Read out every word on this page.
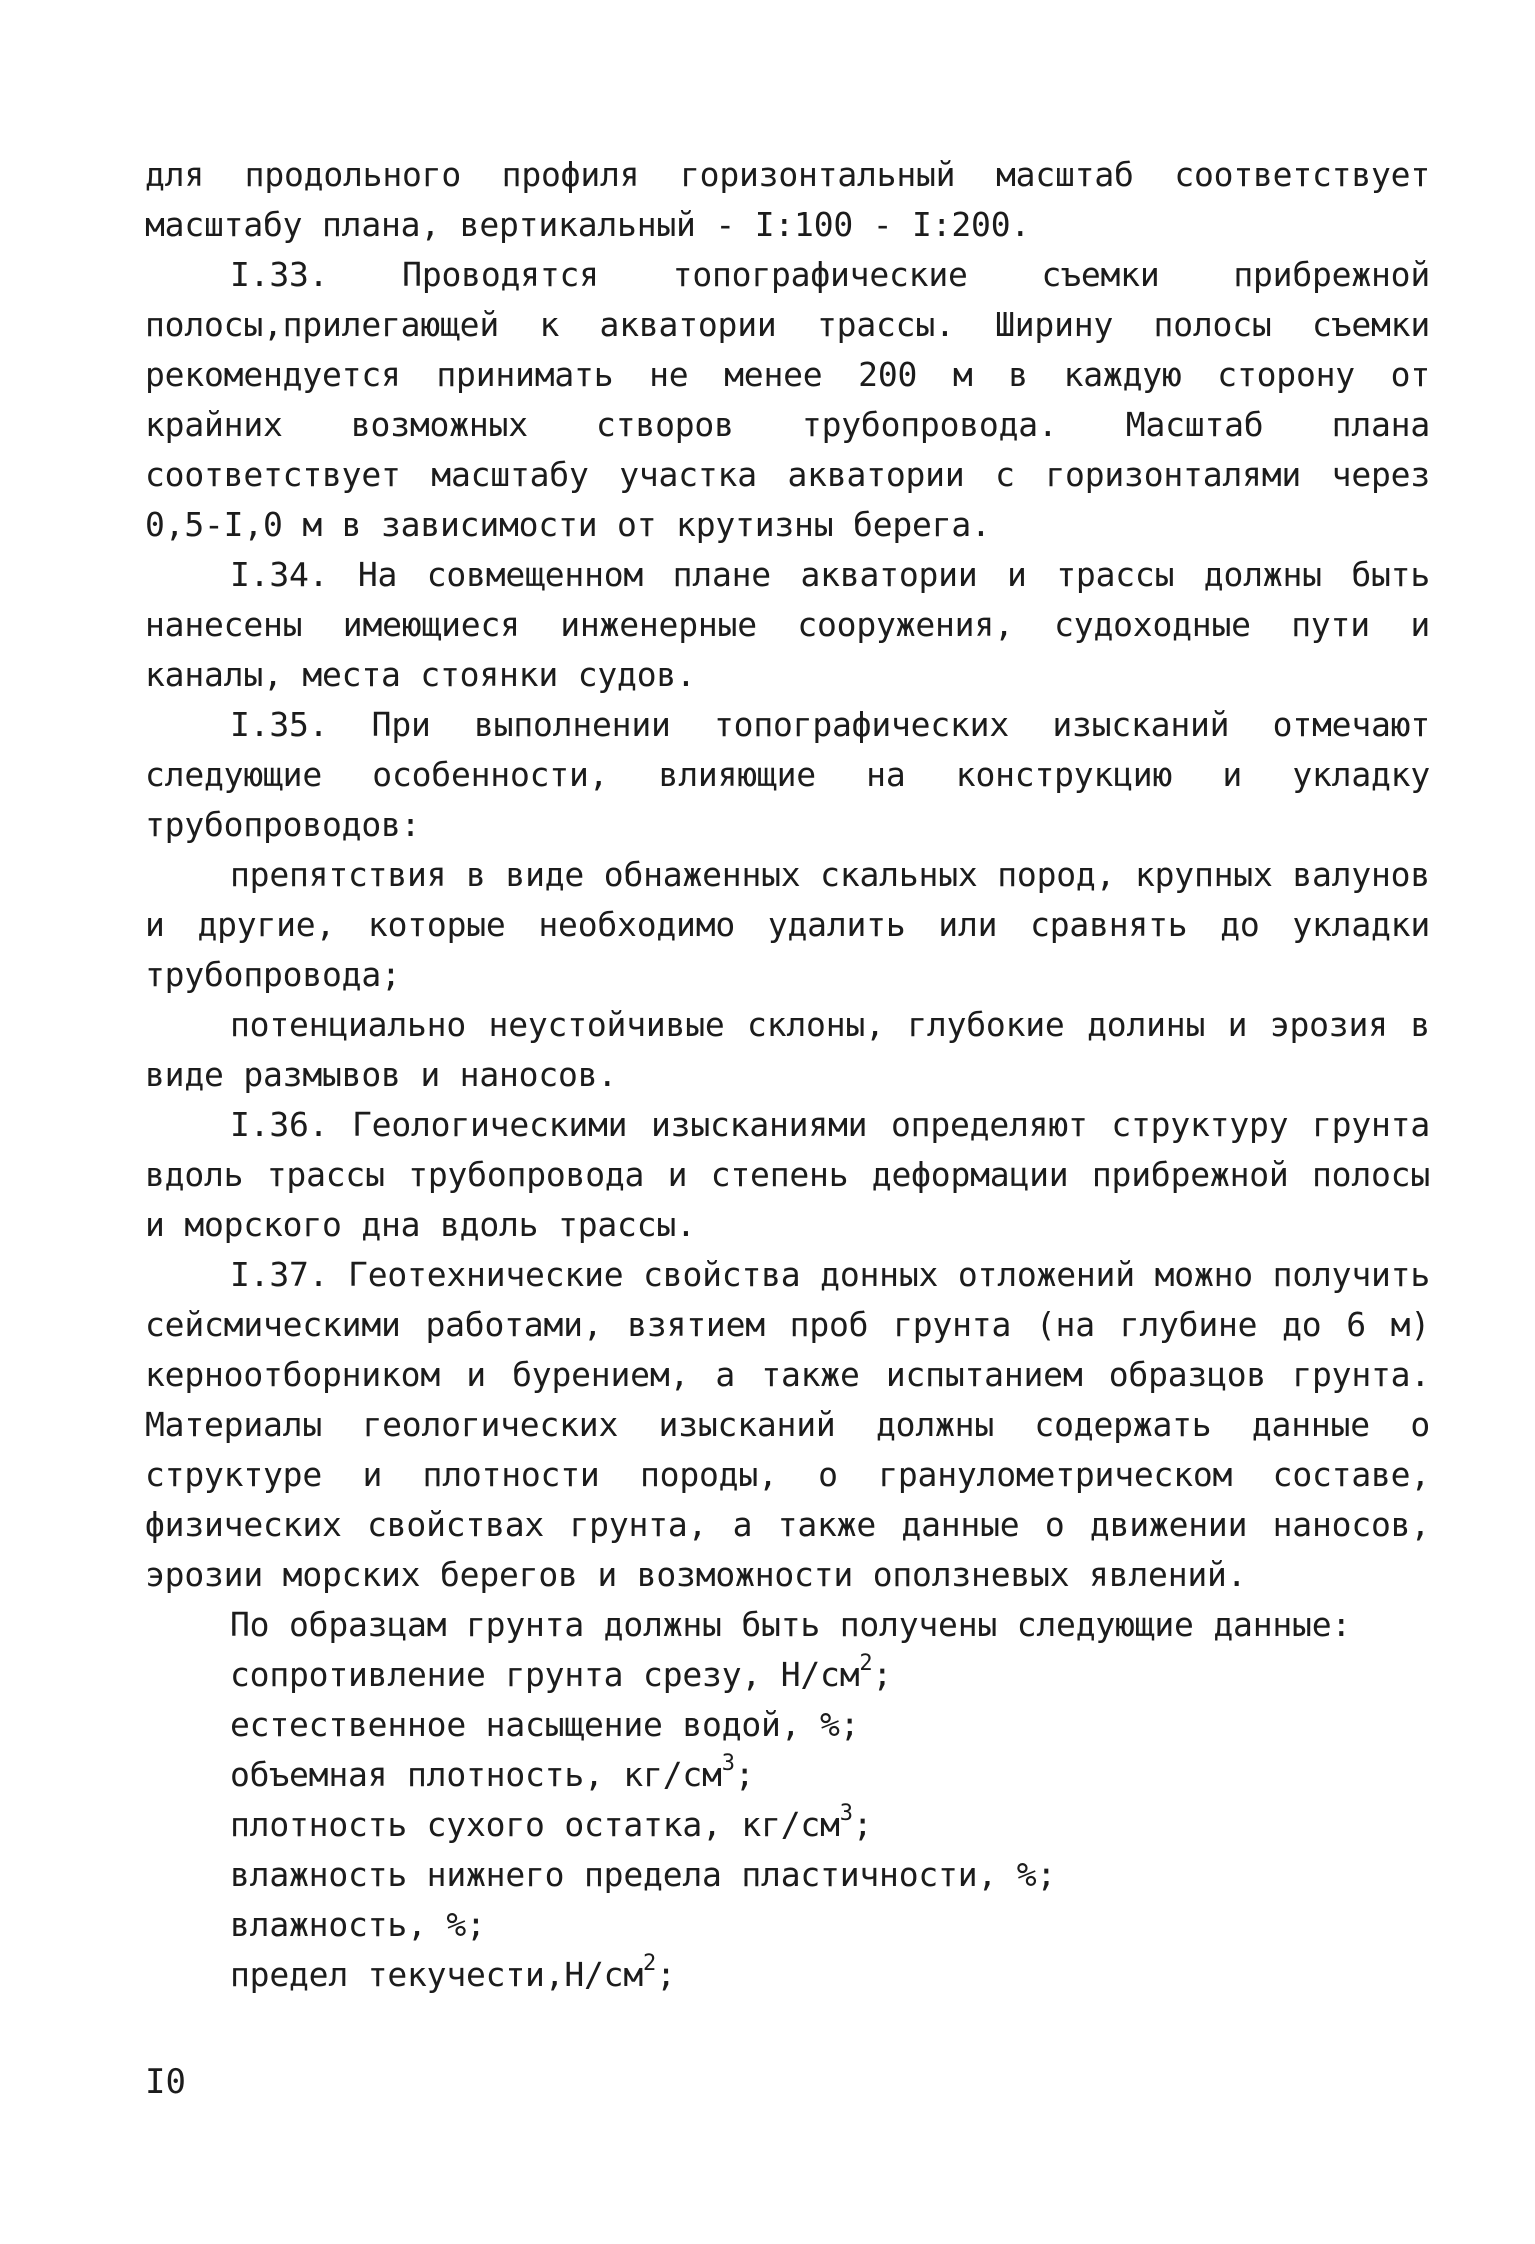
для продольного профиля горизонтальный масштаб соответствует масштабу плана, вертикальный - I:100 - I:200.

I.33. Проводятся топографические съемки прибрежной полосы,прилегающей к акватории трассы. Ширину полосы съемки рекомендуется принимать не менее 200 м в каждую сторону от крайних возможных створов трубопровода. Масштаб плана соответствует масштабу участка акватории с горизонталями через 0,5-I,0 м в зависимости от крутизны берега.

I.34. На совмещенном плане акватории и трассы должны быть нанесены имеющиеся инженерные сооружения, судоходные пути и каналы, места стоянки судов.

I.35. При выполнении топографических изысканий отмечают следующие особенности, влияющие на конструкцию и укладку трубопроводов:

препятствия в виде обнаженных скальных пород, крупных валунов и другие, которые необходимо удалить или сравнять до укладки трубопровода;

потенциально неустойчивые склоны, глубокие долины и эрозия в виде размывов и наносов.

I.36. Геологическими изысканиями определяют структуру грунта вдоль трассы трубопровода и степень деформации прибрежной полосы и морского дна вдоль трассы.

I.37. Геотехнические свойства донных отложений можно получить сейсмическими работами, взятием проб грунта (на глубине до 6 м) керноотборником и бурением, а также испытанием образцов грунта. Материалы геологических изысканий должны содержать данные о структуре и плотности породы, о гранулометрическом составе, физических свойствах грунта, а также данные о движении наносов, эрозии морских берегов и возможности оползневых явлений.

По образцам грунта должны быть получены следующие данные:

сопротивление грунта срезу, $Н/см^2$;

естественное насыщение водой, %;

объемная плотность, $кг/см^3$;

плотность сухого остатка, $кг/см^3$;

влажность нижнего предела пластичности, %;

влажность, %;

предел $текучести,Н/см^2$;

I0
